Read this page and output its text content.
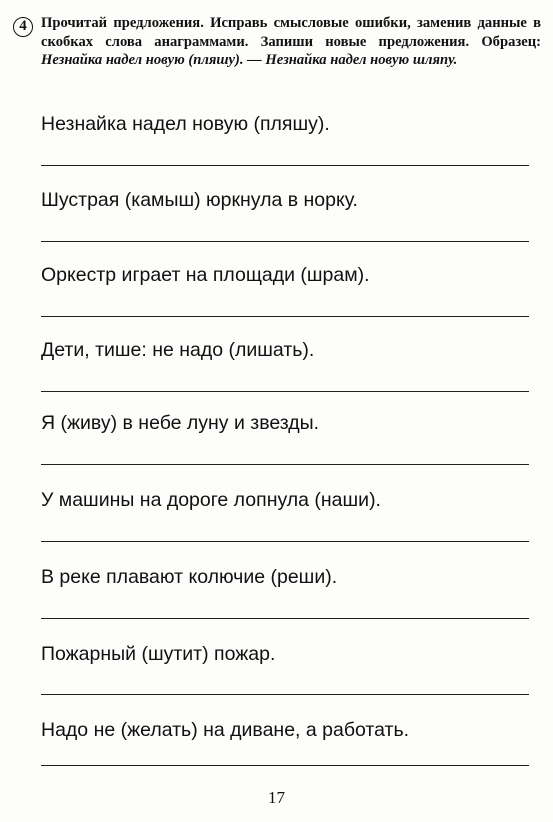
4 Прочитай предложения. Исправь смысловые ошибки, заменив данные в скобках слова анаграммами. Запиши новые предложения. Образец: Незнайка надел новую (пляшу). — Незнайка надел новую шляпу.
Незнайка надел новую (пляшу).
Шустрая (камыш) юркнула в норку.
Оркестр играет на площади (шрам).
Дети, тише: не надо (лишать).
Я (живу) в небе луну и звезды.
У машины на дороге лопнула (наши).
В реке плавают колючие (реши).
Пожарный (шутит) пожар.
Надо не (желать) на диване, а работать.
17
